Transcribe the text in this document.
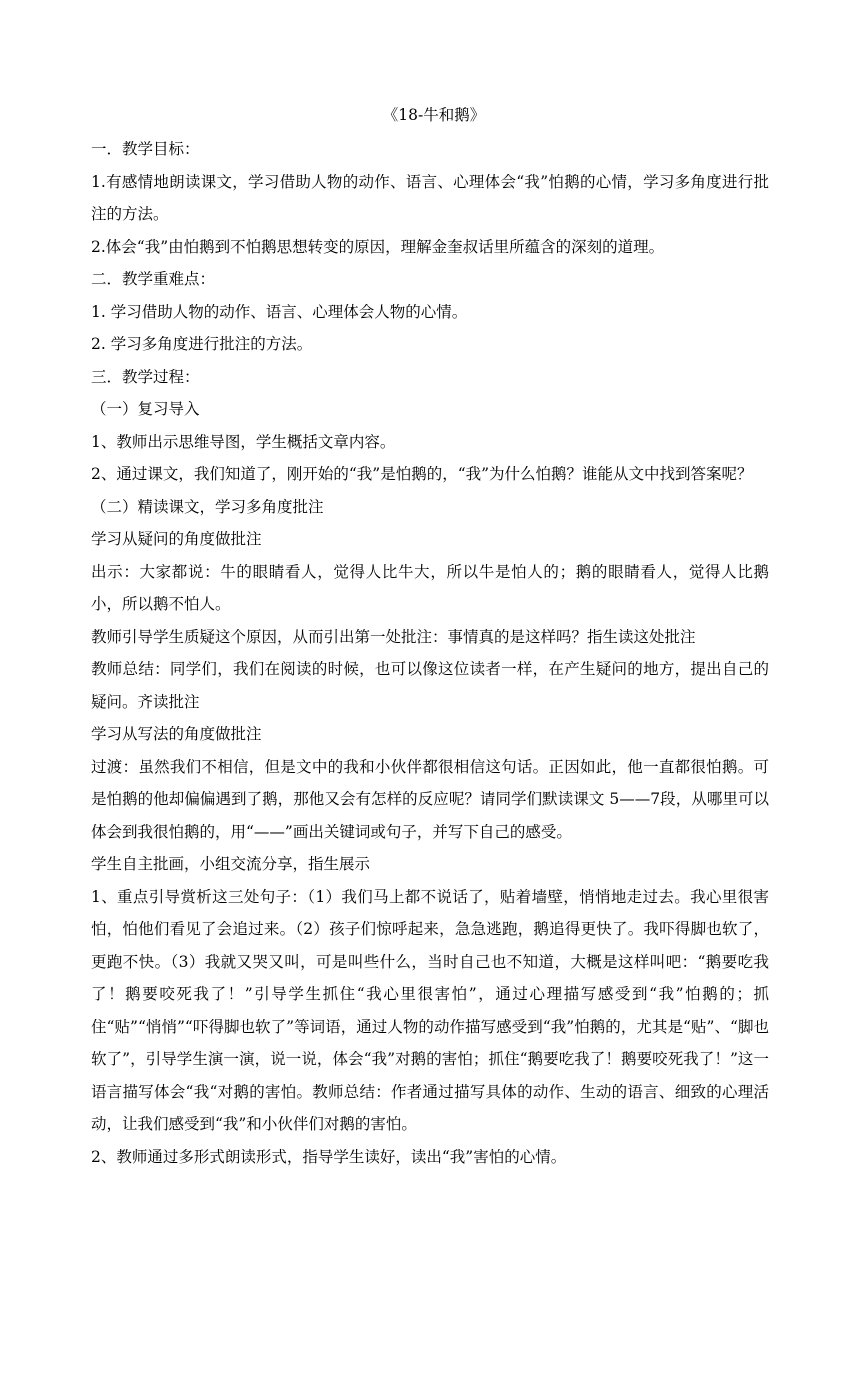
《18-牛和鹅》

一．教学目标：

1.有感情地朗读课文，学习借助人物的动作、语言、心理体会“我”怕鹅的心情，学习多角度进行批注的方法。

2.体会“我”由怕鹅到不怕鹅思想转变的原因，理解金奎叔话里所蕴含的深刻的道理。

二．教学重难点：

1. 学习借助人物的动作、语言、心理体会人物的心情。

2. 学习多角度进行批注的方法。

三．教学过程：

（一）复习导入

1、教师出示思维导图，学生概括文章内容。

2、通过课文，我们知道了，刚开始的“我”是怕鹅的，“我”为什么怕鹅？谁能从文中找到答案呢？

（二）精读课文，学习多角度批注

学习从疑问的角度做批注

出示：大家都说：牛的眼睛看人，觉得人比牛大，所以牛是怕人的；鹅的眼睛看人，觉得人比鹅小，所以鹅不怕人。

教师引导学生质疑这个原因，从而引出第一处批注：事情真的是这样吗？指生读这处批注

教师总结：同学们，我们在阅读的时候，也可以像这位读者一样，在产生疑问的地方，提出自己的疑问。齐读批注

学习从写法的角度做批注

过渡：虽然我们不相信，但是文中的我和小伙伴都很相信这句话。正因如此，他一直都很怕鹅。可是怕鹅的他却偏偏遇到了鹅，那他又会有怎样的反应呢？请同学们默读课文 5——7段，从哪里可以体会到我很怕鹅的，用“——”画出关键词或句子，并写下自己的感受。

学生自主批画，小组交流分享，指生展示

1、重点引导赏析这三处句子：（1）我们马上都不说话了，贴着墙壁，悄悄地走过去。我心里很害怕，怕他们看见了会追过来。（2）孩子们惊呼起来，急急逃跑，鹅追得更快了。我吓得脚也软了，更跑不快。（3）我就又哭又叫，可是叫些什么，当时自己也不知道，大概是这样叫吧：“鹅要吃我了！鹅要咬死我了！”引导学生抓住“我心里很害怕”，通过心理描写感受到“我”怕鹅的；抓住“贴”“悄悄”“吓得脚也软了”等词语，通过人物的动作描写感受到“我”怕鹅的，尤其是“贴”、“脚也软了”，引导学生演一演，说一说，体会“我”对鹅的害怕；抓住“鹅要吃我了！鹅要咬死我了！”这一语言描写体会“我“对鹅的害怕。教师总结：作者通过描写具体的动作、生动的语言、细致的心理活动，让我们感受到“我”和小伙伴们对鹅的害怕。

2、教师通过多形式朗读形式，指导学生读好，读出“我”害怕的心情。
